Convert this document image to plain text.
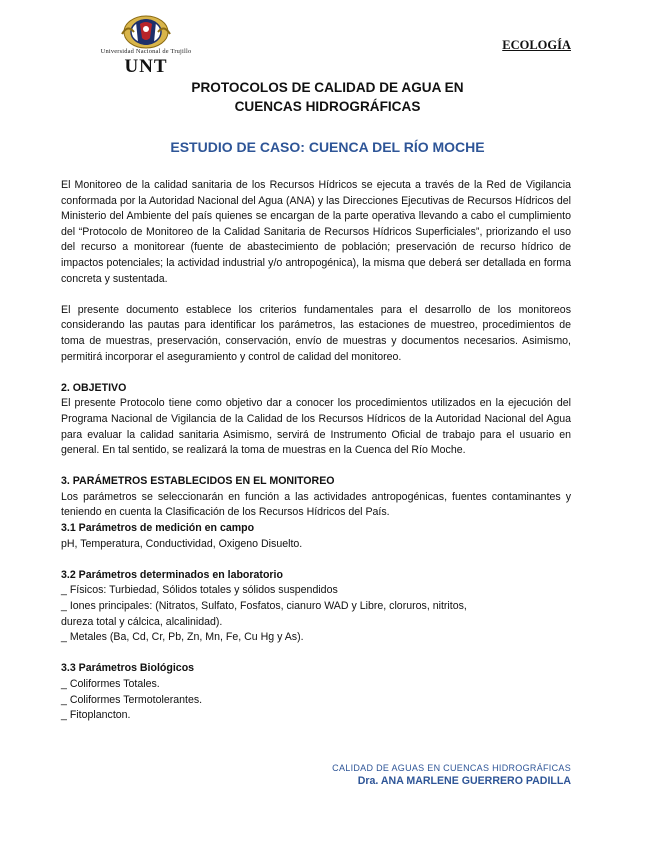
Universidad Nacional de Trujillo
UNT
ECOLOGÍA
PROTOCOLOS DE CALIDAD DE AGUA EN
CUENCAS HIDROGRÁFICAS
ESTUDIO DE CASO: CUENCA DEL RÍO MOCHE

El Monitoreo de la calidad sanitaria de los Recursos Hídricos se ejecuta a través de la Red de Vigilancia conformada por la Autoridad Nacional del Agua (ANA) y las Direcciones Ejecutivas de Recursos Hídricos del Ministerio del Ambiente del país quienes se encargan de la parte operativa llevando a cabo el cumplimiento del “Protocolo de Monitoreo de la Calidad Sanitaria de Recursos Hídricos Superficiales”, priorizando el uso del recurso a monitorear (fuente de abastecimiento de población; preservación de recurso hídrico de impactos potenciales; la actividad industrial y/o antropogénica), la misma que deberá ser detallada en forma concreta y sustentada.

El presente documento establece los criterios fundamentales para el desarrollo de los monitoreos considerando las pautas para identificar los parámetros, las estaciones de muestreo, procedimientos de toma de muestras, preservación, conservación, envío de muestras y documentos necesarios. Asimismo, permitirá incorporar el aseguramiento y control de calidad del monitoreo.

2. OBJETIVO

El presente Protocolo tiene como objetivo dar a conocer los procedimientos utilizados en la ejecución del Programa Nacional de Vigilancia de la Calidad de los Recursos Hídricos de la Autoridad Nacional del Agua para evaluar la calidad sanitaria Asimismo, servirá de Instrumento Oficial de trabajo para el usuario en general. En tal sentido, se realizará la toma de muestras en la Cuenca del Río Moche.

3. PARÁMETROS ESTABLECIDOS EN EL MONITOREO

Los parámetros se seleccionarán en función a las actividades antropogénicas, fuentes contaminantes y teniendo en cuenta la Clasificación de los Recursos Hídricos del País.

3.1 Parámetros de medición en campo

pH, Temperatura, Conductividad, Oxigeno Disuelto.

3.2 Parámetros determinados en laboratorio

_ Físicos: Turbiedad, Sólidos totales y sólidos suspendidos

_ Iones principales: (Nitratos, Sulfato, Fosfatos, cianuro WAD y Libre, cloruros, nitritos,

dureza total y cálcica, alcalinidad).

_ Metales (Ba, Cd, Cr, Pb, Zn, Mn, Fe, Cu Hg y As).

3.3 Parámetros Biológicos

_ Coliformes Totales.

_ Coliformes Termotolerantes.

_ Fitoplancton.

CALIDAD DE AGUAS EN CUENCAS HIDROGRÁFICAS
Dra. ANA MARLENE GUERRERO PADILLA
